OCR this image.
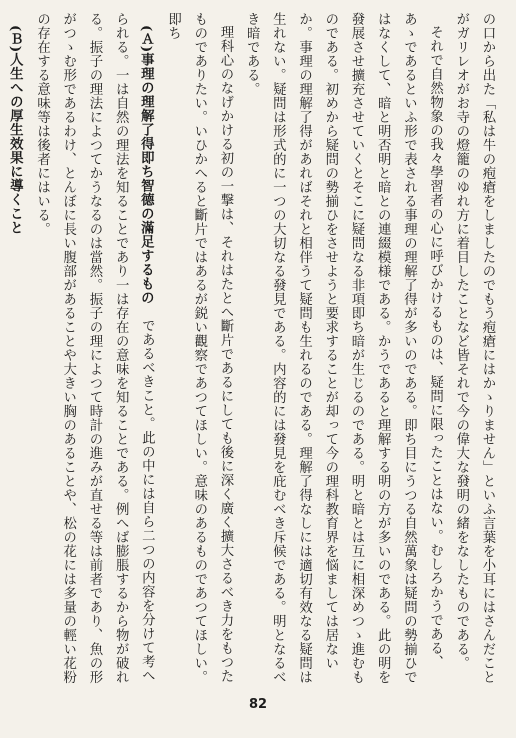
の口から出た「私は牛の疱瘡をしましたのでもう疱瘡にはかゝりません」といふ言葉を小耳にはさんだことがガリレオがお寺の燈籠のゆれ方に着目したことなど皆それで今の偉大な發明の緒をなしたものである。

それで自然物象の我々學習者の心に呼びかけるものは、疑問に限ったことはない。むしろかうである、あゝであるといふ形で表される事理の理解了得が多いのである。即ち目にうつる自然萬象は疑問の勢揃ひではなくして、暗と明否明と暗との連綴模様である。かうであると理解する明の方が多いのである。此の明を發展させ擴充させていくとそこに疑問なる非項即ち暗が生じるのである。明と暗とは互に相深めつゝ進むものである。初めから疑問の勢揃ひをさせようと要求することが却って今の理科教育界を悩ましては居ないか。事理の理解了得があればそれと相伴うて疑問も生れるのである。理解了得なしには適切有效なる疑問は生れない。疑問は形式的に一つの大切なる發見である。内容的には發見を庇むべき斥候である。明となるべき暗である。

理科心のなげかける初の一撃は、それはたとへ斷片であるにしても後に深く廣く擴大さるべき力をもつたものでありたい。いひかへると斷片ではあるが鋭い觀察であつてほしい。意味のあるものであつてほしい。即ち

(Ａ)事理の理解了得即ち智德の滿足するもの　であるべきこと。此の中には自ら二つの内容を分けて考へられる。一は自然の理法を知ることであり一は存在の意味を知ることである。例へば膨脹するから物が破れる。振子の理法によつてかうなるのは當然。振子の理によつて時計の進みが直せる等は前者であり、魚の形がつゝむ形であるわけ、とんぼに長い腹部があることや大きい胸のあることや、松の花には多量の輕い花粉の存在する意味等は後者にはいる。

(Ｂ)人生への厚生效果に導くこと

82
